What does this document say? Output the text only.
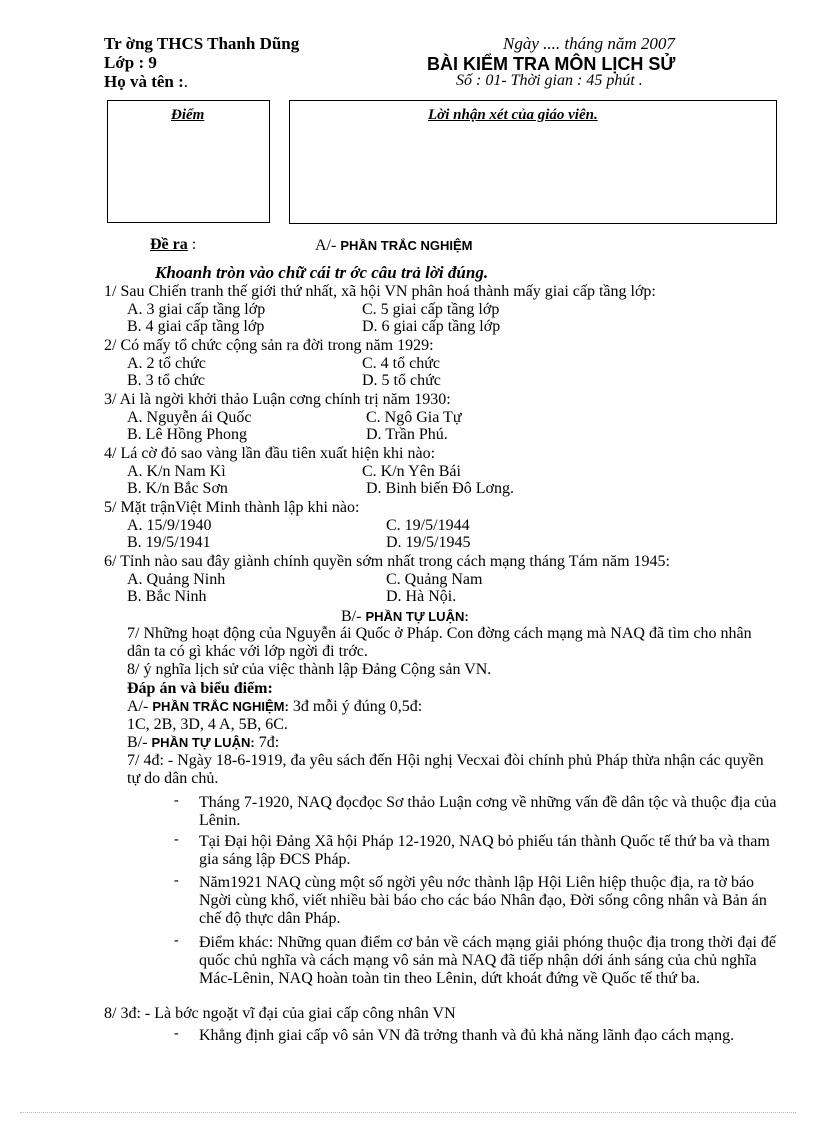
Tr ờng THCS Thanh Dũng
Lớp : 9
Họ và tên :.
Ngày .... tháng năm 2007
BÀI KIỂM TRA MÔN LỊCH SỬ
Số : 01- Thời gian : 45 phút .
Điểm	Lời nhận xét của giáo viên.
Đề ra :	A/- PHẦN TRẮC NGHIỆM
Khoanh tròn vào chữ cái tr ớc câu trả lời đúng.
1/ Sau Chiến tranh thế giới thứ nhất, xã hội VN phân hoá thành mấy giai cấp tầng lớp:
A. 3 giai cấp tầng lớp	C. 5 giai cấp tầng lớp
B. 4 giai cấp tầng lớp	D. 6 giai cấp tầng lớp
2/ Có mấy tổ chức cộng sản ra đời trong năm 1929:
A. 2 tổ chức	C. 4 tổ chức
B. 3 tổ chức	D. 5 tổ chức
3/ Ai là ngời khởi thảo Luận cơng chính trị năm 1930:
A. Nguyễn ái Quốc	C. Ngô Gia Tự
B. Lê Hồng Phong	D. Trần Phú.
4/ Lá cờ đỏ sao vàng lần đầu tiên xuất hiện khi nào:
A. K/n Nam Kì	C. K/n Yên Bái
B. K/n Bắc Sơn	D. Binh biến Đô Lơng.
5/ Mặt trậnViệt Minh thành lập khi nào:
A. 15/9/1940	C. 19/5/1944
B. 19/5/1941	D. 19/5/1945
6/ Tỉnh nào sau đây giành chính quyền sớm nhất trong cách mạng tháng Tám năm 1945:
A. Quảng Ninh	C. Quảng Nam
B. Bắc Ninh	D. Hà Nội.
B/- PHẦN TỰ LUẬN:
7/ Những hoạt động của Nguyễn ái Quốc ở Pháp. Con đờng cách mạng mà NAQ đã tìm cho nhân dân ta có gì khác với lớp ngời đi trớc.
8/ ý nghĩa lịch sử của việc thành lập Đảng Cộng sản VN.
Đáp án và biểu điểm:
A/- PHẦN TRẮC NGHIỆM: 3đ mỗi ý đúng 0,5đ:
1C, 2B, 3D, 4 A, 5B, 6C.
B/- PHẦN TỰ LUẬN: 7đ:
7/ 4đ: - Ngày 18-6-1919, đa yêu sách đến Hội nghị Vecxai đòi chính phủ Pháp thừa nhận các quyền tự do dân chủ.
- Tháng 7-1920, NAQ đọcđọc Sơ thảo Luận cơng về những vấn đề dân tộc và thuộc địa của Lênin.
- Tại Đại hội Đảng Xã hội Pháp 12-1920, NAQ bỏ phiếu tán thành Quốc tế thứ ba và tham gia sáng lập ĐCS Pháp.
- Năm1921 NAQ cùng một số ngời yêu nớc thành lập Hội Liên hiệp thuộc địa, ra tờ báo Ngời cùng khổ, viết nhiều bài báo cho các báo Nhân đạo, Đời sống công nhân và Bản án chế độ thực dân Pháp.
- Điểm khác: Những quan điểm cơ bản về cách mạng giải phóng thuộc địa trong thời đại đế quốc chủ nghĩa và cách mạng vô sản mà NAQ đã tiếp nhận dới ánh sáng của chủ nghĩa Mác-Lênin, NAQ hoàn toàn tin theo Lênin, dứt khoát đứng về Quốc tế thứ ba.
8/ 3đ: - Là bớc ngoặt vĩ đại của giai cấp công nhân VN
- Khẳng định giai cấp vô sản VN đã trởng thanh và đủ khả năng lãnh đạo cách mạng.
